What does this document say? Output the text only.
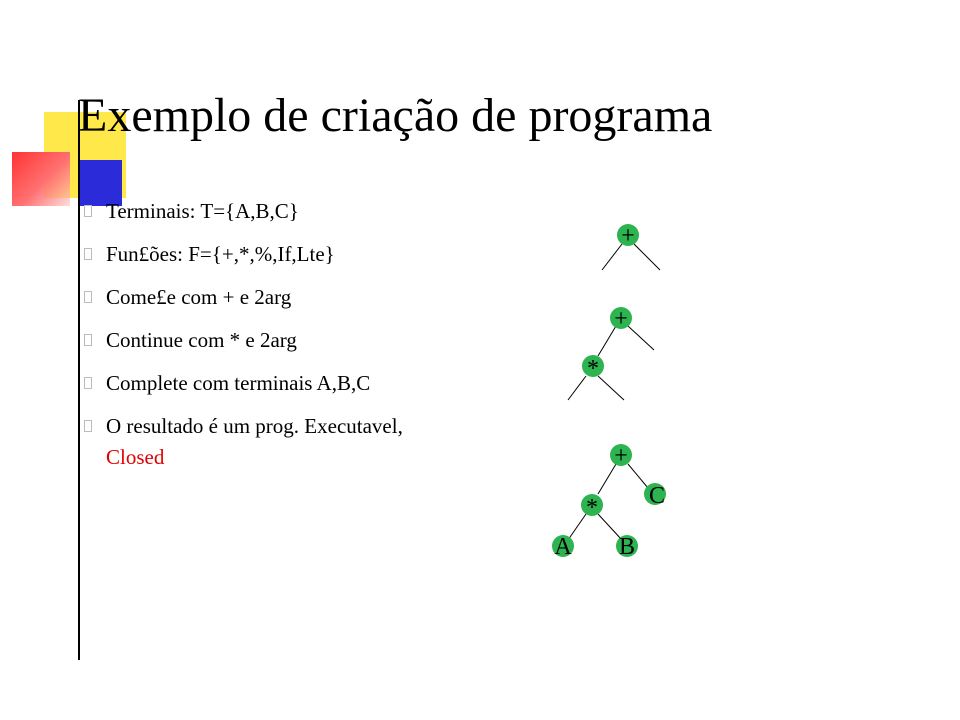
Exemplo de criação de programa
Terminais: T={A,B,C}
Fun£ões: F={+,*,%,If,Lte}
Come£e com + e 2arg
Continue com * e 2arg
Complete com terminais A,B,C
O resultado é um prog. Executavel, Closed
+
+
*
+
* C
A B
